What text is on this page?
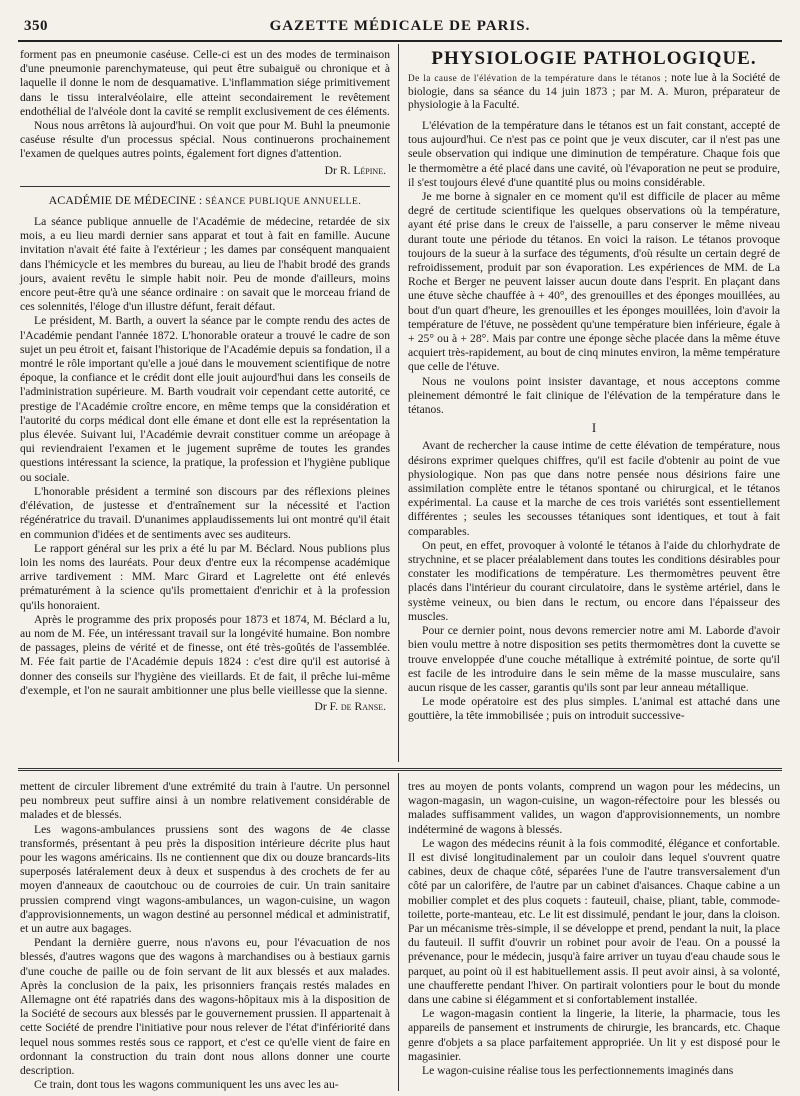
350	GAZETTE MÉDICALE DE PARIS.

forment pas en pneumonie caséuse. Celle-ci est un des modes de terminaison d'une pneumonie parenchymateuse, qui peut être subaiguë ou chronique et à laquelle il donne le nom de desquamative. L'inflammation siége primitivement dans le tissu interalvéolaire, elle atteint secondairement le revêtement endothélial de l'alvéole dont la cavité se remplit exclusivement de ces éléments.

Nous nous arrêtons là aujourd'hui. On voit que pour M. Buhl la pneumonie caséuse résulte d'un processus spécial. Nous continuerons prochainement l'examen de quelques autres points, également fort dignes d'attention.

Dr R. Lépine.
ACADÉMIE DE MÉDECINE : SÉANCE PUBLIQUE ANNUELLE.

La séance publique annuelle de l'Académie de médecine, retardée de six mois, a eu lieu mardi dernier sans apparat et tout à fait en famille. Aucune invitation n'avait été faite à l'extérieur ; les dames par conséquent manquaient dans l'hémicycle et les membres du bureau, au lieu de l'habit brodé des grands jours, avaient revêtu le simple habit noir. Peu de monde d'ailleurs, moins encore peut-être qu'à une séance ordinaire : on savait que le morceau friand de ces solennités, l'éloge d'un illustre défunt, ferait défaut.

Le président, M. Barth, a ouvert la séance par le compte rendu des actes de l'Académie pendant l'année 1872. L'honorable orateur a trouvé le cadre de son sujet un peu étroit et, faisant l'historique de l'Académie depuis sa fondation, il a montré le rôle important qu'elle a joué dans le mouvement scientifique de notre époque, la confiance et le crédit dont elle jouit aujourd'hui dans les conseils de l'administration supérieure. M. Barth voudrait voir cependant cette autorité, ce prestige de l'Académie croître encore, en même temps que la considération et l'autorité du corps médical dont elle émane et dont elle est la représentation la plus élevée. Suivant lui, l'Académie devrait constituer comme un aréopage à qui reviendraient l'examen et le jugement suprême de toutes les grandes questions intéressant la science, la pratique, la profession et l'hygiène publique ou sociale.

L'honorable président a terminé son discours par des réflexions pleines d'élévation, de justesse et d'entraînement sur la nécessité et l'action régénératrice du travail. D'unanimes applaudissements lui ont montré qu'il était en communion d'idées et de sentiments avec ses auditeurs.

Le rapport général sur les prix a été lu par M. Béclard. Nous publions plus loin les noms des lauréats. Pour deux d'entre eux la récompense académique arrive tardivement : MM. Marc Girard et Lagrelette ont été enlevés prématurément à la science qu'ils promettaient d'enrichir et à la profession qu'ils honoraient.

Après le programme des prix proposés pour 1873 et 1874, M. Béclard a lu, au nom de M. Fée, un intéressant travail sur la longévité humaine. Bon nombre de passages, pleins de vérité et de finesse, ont été très-goûtés de l'assemblée. M. Fée fait partie de l'Académie depuis 1824 : c'est dire qu'il est autorisé à donner des conseils sur l'hygiène des vieillards. Et de fait, il prêche lui-même d'exemple, et l'on ne saurait ambitionner une plus belle vieillesse que la sienne.

Dr F. de Ranse.
PHYSIOLOGIE PATHOLOGIQUE.
De la cause de l'élévation de la température dans le tétanos ; note lue à la Société de biologie, dans sa séance du 14 juin 1873 ; par M. A. Muron, préparateur de physiologie à la Faculté.

L'élévation de la température dans le tétanos est un fait constant, accepté de tous aujourd'hui. Ce n'est pas ce point que je veux discuter, car il n'est pas une seule observation qui indique une diminution de température. Chaque fois que le thermomètre a été placé dans une cavité, où l'évaporation ne peut se produire, il s'est toujours élevé d'une quantité plus ou moins considérable.

Je me borne à signaler en ce moment qu'il est difficile de placer au même degré de certitude scientifique les quelques observations où la température, ayant été prise dans le creux de l'aisselle, a paru conserver le même niveau durant toute une période du tétanos. En voici la raison. Le tétanos provoque toujours de la sueur à la surface des téguments, d'où résulte un certain degré de refroidissement, produit par son évaporation. Les expériences de MM. de La Roche et Berger ne peuvent laisser aucun doute dans l'esprit. En plaçant dans une étuve sèche chauffée à + 40°, des grenouilles et des éponges mouillées, au bout d'un quart d'heure, les grenouilles et les éponges mouillées, loin d'avoir la température de l'étuve, ne possèdent qu'une température bien inférieure, égale à + 25° ou à + 28°. Mais par contre une éponge sèche placée dans la même étuve acquiert très-rapidement, au bout de cinq minutes environ, la même température que celle de l'étuve.

Nous ne voulons point insister davantage, et nous acceptons comme pleinement démontré le fait clinique de l'élévation de la température dans le tétanos.

I

Avant de rechercher la cause intime de cette élévation de température, nous désirons exprimer quelques chiffres, qu'il est facile d'obtenir au point de vue physiologique. Non pas que dans notre pensée nous désirions faire une assimilation complète entre le tétanos spontané ou chirurgical, et le tétanos expérimental. La cause et la marche de ces trois variétés sont essentiellement différentes ; seules les secousses tétaniques sont identiques, et tout à fait comparables.

On peut, en effet, provoquer à volonté le tétanos à l'aide du chlorhydrate de strychnine, et se placer préalablement dans toutes les conditions désirables pour constater les modifications de température. Les thermomètres peuvent être placés dans l'intérieur du courant circulatoire, dans le système artériel, dans le système veineux, ou bien dans le rectum, ou encore dans l'épaisseur des muscles.

Pour ce dernier point, nous devons remercier notre ami M. Laborde d'avoir bien voulu mettre à notre disposition ses petits thermomètres dont la cuvette se trouve enveloppée d'une couche métallique à extrémité pointue, de sorte qu'il est facile de les introduire dans le sein même de la masse musculaire, sans aucun risque de les casser, garantis qu'ils sont par leur anneau métallique.

Le mode opératoire est des plus simples. L'animal est attaché dans une gouttière, la tête immobilisée ; puis on introduit successive-

mettent de circuler librement d'une extrémité du train à l'autre. Un personnel peu nombreux peut suffire ainsi à un nombre relativement considérable de malades et de blessés.

Les wagons-ambulances prussiens sont des wagons de 4e classe transformés, présentant à peu près la disposition intérieure décrite plus haut pour les wagons américains. Ils ne contiennent que dix ou douze brancards-lits superposés latéralement deux à deux et suspendus à des crochets de fer au moyen d'anneaux de caoutchouc ou de courroies de cuir. Un train sanitaire prussien comprend vingt wagons-ambulances, un wagon-cuisine, un wagon d'approvisionnements, un wagon destiné au personnel médical et administratif, et un autre aux bagages.

Pendant la dernière guerre, nous n'avons eu, pour l'évacuation de nos blessés, d'autres wagons que des wagons à marchandises ou à bestiaux garnis d'une couche de paille ou de foin servant de lit aux blessés et aux malades. Après la conclusion de la paix, les prisonniers français restés malades en Allemagne ont été rapatriés dans des wagons-hôpitaux mis à la disposition de la Société de secours aux blessés par le gouvernement prussien. Il appartenait à cette Société de prendre l'initiative pour nous relever de l'état d'infériorité dans lequel nous sommes restés sous ce rapport, et c'est ce qu'elle vient de faire en ordonnant la construction du train dont nous allons donner une courte description.

Ce train, dont tous les wagons communiquent les uns avec les au-

tres au moyen de ponts volants, comprend un wagon pour les médecins, un wagon-magasin, un wagon-cuisine, un wagon-réfectoire pour les blessés ou malades suffisamment valides, un wagon d'approvisionnements, un nombre indéterminé de wagons à blessés.

Le wagon des médecins réunit à la fois commodité, élégance et confortable. Il est divisé longitudinalement par un couloir dans lequel s'ouvrent quatre cabines, deux de chaque côté, séparées l'une de l'autre transversalement d'un côté par un calorifère, de l'autre par un cabinet d'aisances. Chaque cabine a un mobilier complet et des plus coquets : fauteuil, chaise, pliant, table, commode-toilette, porte-manteau, etc. Le lit est dissimulé, pendant le jour, dans la cloison. Par un mécanisme très-simple, il se développe et prend, pendant la nuit, la place du fauteuil. Il suffit d'ouvrir un robinet pour avoir de l'eau. On a poussé la prévenance, pour le médecin, jusqu'à faire arriver un tuyau d'eau chaude sous le parquet, au point où il est habituellement assis. Il peut avoir ainsi, à sa volonté, une chaufferette pendant l'hiver. On partirait volontiers pour le bout du monde dans une cabine si élégamment et si confortablement installée.

Le wagon-magasin contient la lingerie, la literie, la pharmacie, tous les appareils de pansement et instruments de chirurgie, les brancards, etc. Chaque genre d'objets a sa place parfaitement appropriée. Un lit y est disposé pour le magasinier.

Le wagon-cuisine réalise tous les perfectionnements imaginés dans
